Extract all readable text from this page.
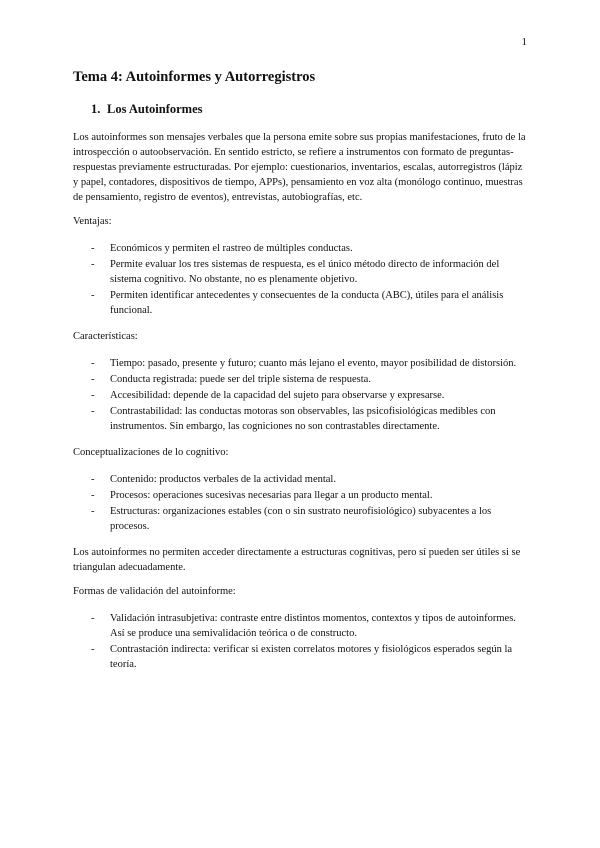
1
Tema 4: Autoinformes y Autorregistros
1. Los Autoinformes

Los autoinformes son mensajes verbales que la persona emite sobre sus propias manifestaciones, fruto de la introspección o autoobservación. En sentido estricto, se refiere a instrumentos con formato de preguntas-respuestas previamente estructuradas. Por ejemplo: cuestionarios, inventarios, escalas, autorregistros (lápiz y papel, contadores, dispositivos de tiempo, APPs), pensamiento en voz alta (monólogo continuo, muestras de pensamiento, registro de eventos), entrevistas, autobiografías, etc.

Ventajas:

- Económicos y permiten el rastreo de múltiples conductas.
- Permite evaluar los tres sistemas de respuesta, es el único método directo de información del sistema cognitivo. No obstante, no es plenamente objetivo.
- Permiten identificar antecedentes y consecuentes de la conducta (ABC), útiles para el análisis funcional.

Características:

- Tiempo: pasado, presente y futuro; cuanto más lejano el evento, mayor posibilidad de distorsión.
- Conducta registrada: puede ser del triple sistema de respuesta.
- Accesibilidad: depende de la capacidad del sujeto para observarse y expresarse.
- Contrastabilidad: las conductas motoras son observables, las psicofisiológicas medibles con instrumentos. Sin embargo, las cogniciones no son contrastables directamente.

Conceptualizaciones de lo cognitivo:

- Contenido: productos verbales de la actividad mental.
- Procesos: operaciones sucesivas necesarias para llegar a un producto mental.
- Estructuras: organizaciones estables (con o sin sustrato neurofisiológico) subyacentes a los procesos.

Los autoinformes no permiten acceder directamente a estructuras cognitivas, pero sí pueden ser útiles si se triangulan adecuadamente.

Formas de validación del autoinforme:

- Validación intrasubjetiva: contraste entre distintos momentos, contextos y tipos de autoinformes. Así se produce una semivalidación teórica o de constructo.
- Contrastación indirecta: verificar si existen correlatos motores y fisiológicos esperados según la teoría.
